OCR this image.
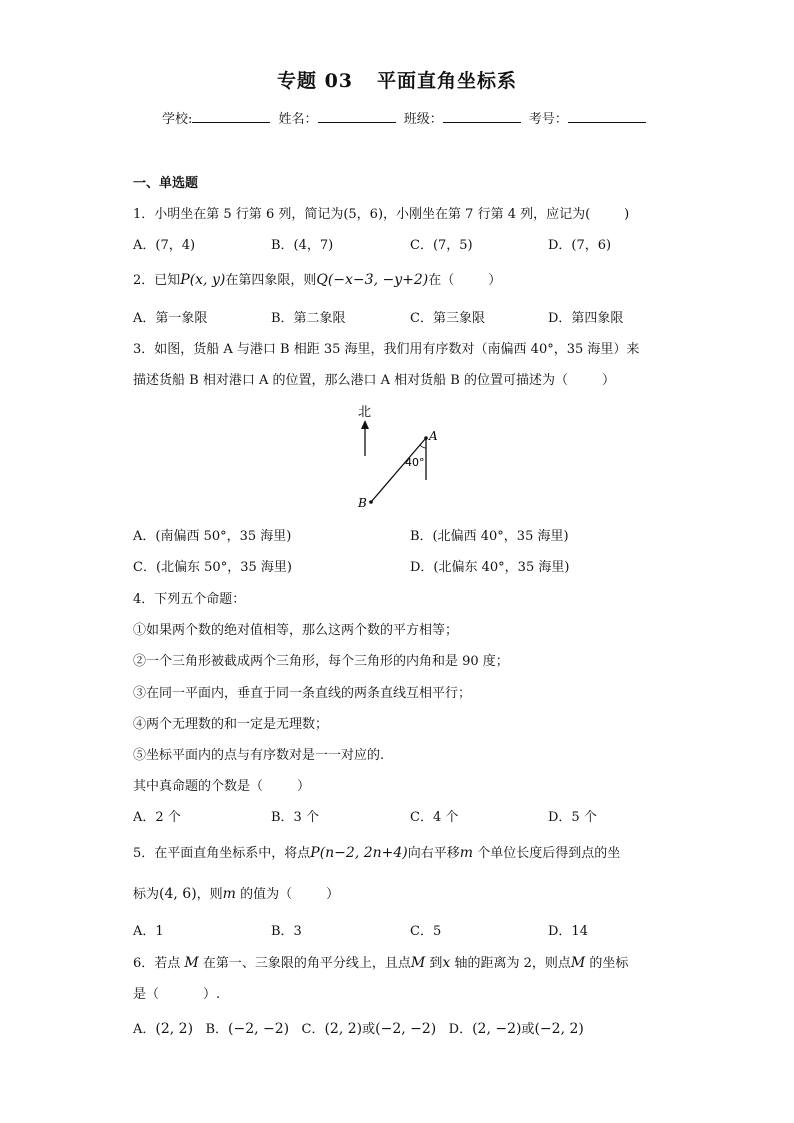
专题 03 平面直角坐标系
学校:	姓名：	班级：	考号：
一、单选题
1．小明坐在第 5 行第 6 列，简记为(5，6)，小刚坐在第 7 行第 4 列，应记为(	)
A．(7，4)	B．(4，7)	C．(7，5)	D．(7，6)
2．已知P(x, y)在第四象限，则Q(−x−3, −y+2)在（	）
A．第一象限	B．第二象限	C．第三象限	D．第四象限
3．如图，货船 A 与港口 B 相距 35 海里，我们用有序数对（南偏西 40°，35 海里）来
描述货船 B 相对港口 A 的位置，那么港口 A 相对货船 B 的位置可描述为（	）
北
A
B
40°
A．(南偏西 50°，35 海里)	B．(北偏西 40°，35 海里)
C．(北偏东 50°，35 海里)	D．(北偏东 40°，35 海里)
4．下列五个命题：
①如果两个数的绝对值相等，那么这两个数的平方相等；
②一个三角形被截成两个三角形，每个三角形的内角和是 90 度；
③在同一平面内，垂直于同一条直线的两条直线互相平行；
④两个无理数的和一定是无理数；
⑤坐标平面内的点与有序数对是一一对应的.
其中真命题的个数是（	）
A．2 个	B．3 个	C．4 个	D．5 个
5．在平面直角坐标系中，将点P(n−2, 2n+4)向右平移m 个单位长度后得到点的坐
标为(4, 6)，则m 的值为（	）
A．1	B．3	C．5	D．14
6．若点 M 在第一、三象限的角平分线上，且点M 到x 轴的距离为 2，则点M 的坐标
是（	）.
A．(2, 2) B．(−2, −2) C．(2, 2)或(−2, −2) D．(2, −2)或(−2, 2)
